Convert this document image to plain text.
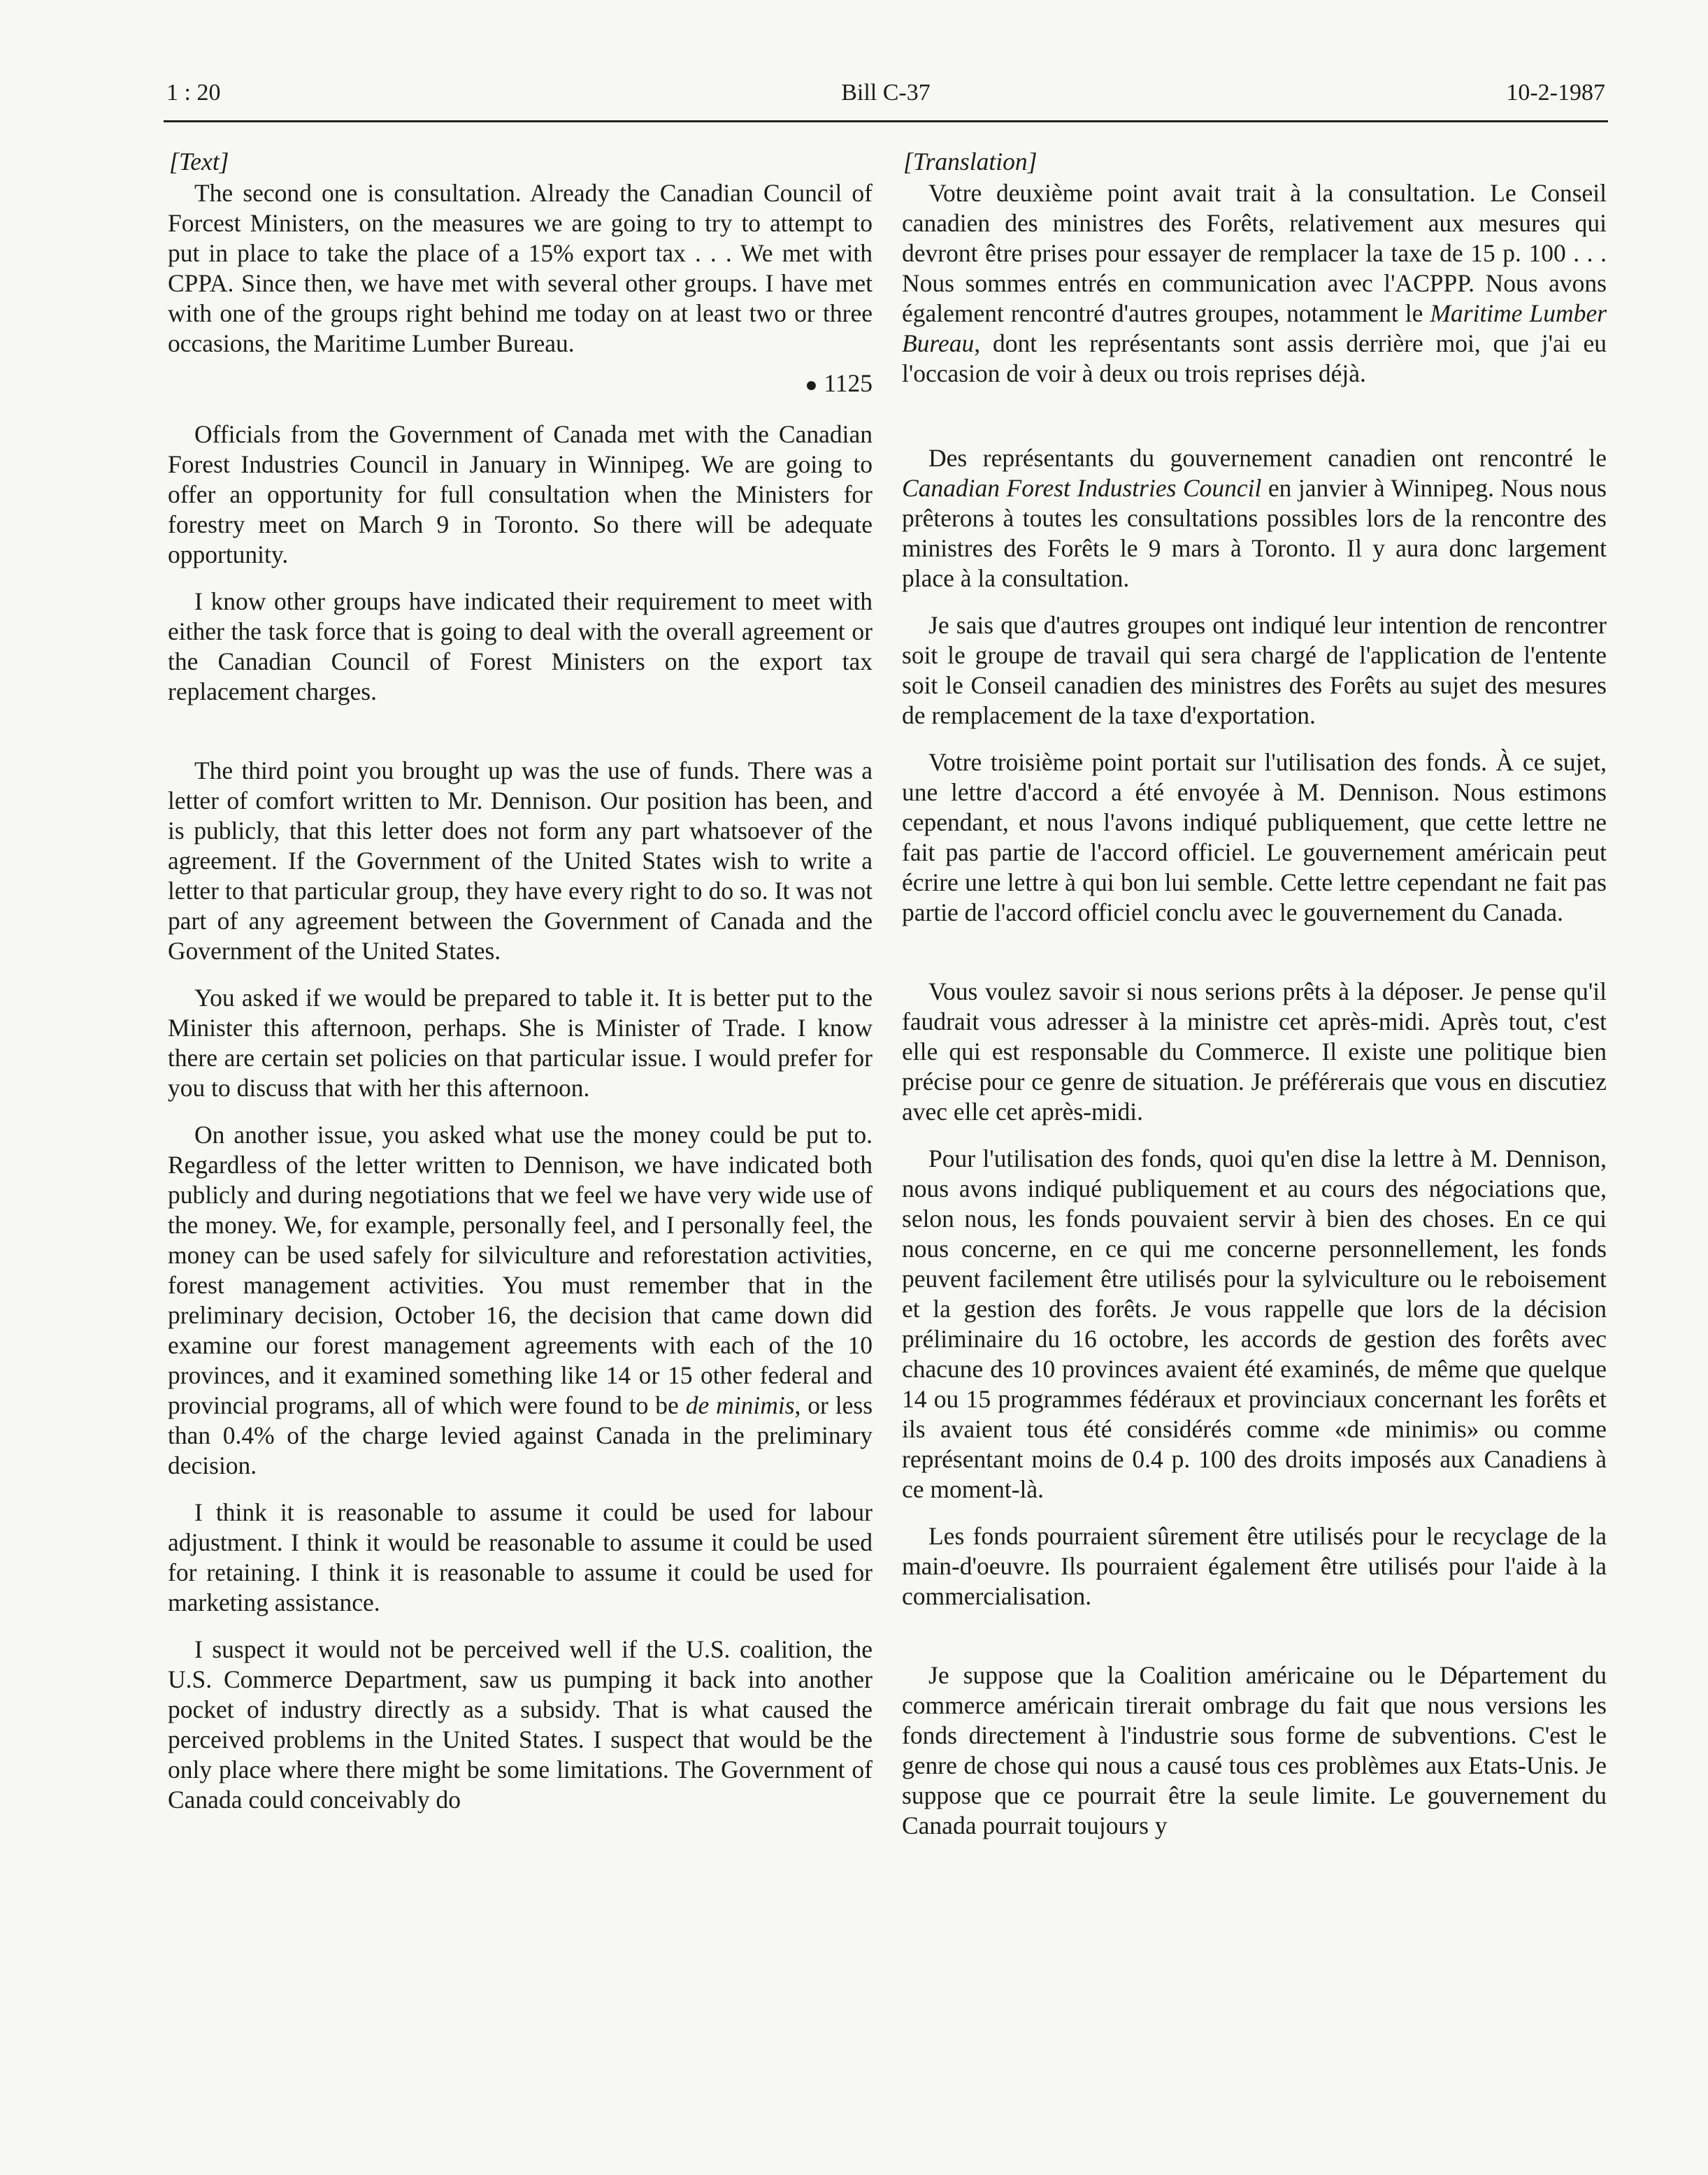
1 : 20	Bill C-37	10-2-1987
[Text]

The second one is consultation. Already the Canadian Council of Forcest Ministers, on the measures we are going to try to attempt to put in place to take the place of a 15% export tax . . . We met with CPPA. Since then, we have met with several other groups. I have met with one of the groups right behind me today on at least two or three occasions, the Maritime Lumber Bureau.

● 1125

Officials from the Government of Canada met with the Canadian Forest Industries Council in January in Winnipeg. We are going to offer an opportunity for full consultation when the Ministers for forestry meet on March 9 in Toronto. So there will be adequate opportunity.

I know other groups have indicated their requirement to meet with either the task force that is going to deal with the overall agreement or the Canadian Council of Forest Ministers on the export tax replacement charges.

The third point you brought up was the use of funds. There was a letter of comfort written to Mr. Dennison. Our position has been, and is publicly, that this letter does not form any part whatsoever of the agreement. If the Government of the United States wish to write a letter to that particular group, they have every right to do so. It was not part of any agreement between the Government of Canada and the Government of the United States.

You asked if we would be prepared to table it. It is better put to the Minister this afternoon, perhaps. She is Minister of Trade. I know there are certain set policies on that particular issue. I would prefer for you to discuss that with her this afternoon.

On another issue, you asked what use the money could be put to. Regardless of the letter written to Dennison, we have indicated both publicly and during negotiations that we feel we have very wide use of the money. We, for example, personally feel, and I personally feel, the money can be used safely for silviculture and reforestation activities, forest management activities. You must remember that in the preliminary decision, October 16, the decision that came down did examine our forest management agreements with each of the 10 provinces, and it examined something like 14 or 15 other federal and provincial programs, all of which were found to be de minimis, or less than 0.4% of the charge levied against Canada in the preliminary decision.

I think it is reasonable to assume it could be used for labour adjustment. I think it would be reasonable to assume it could be used for retaining. I think it is reasonable to assume it could be used for marketing assistance.

I suspect it would not be perceived well if the U.S. coalition, the U.S. Commerce Department, saw us pumping it back into another pocket of industry directly as a subsidy. That is what caused the perceived problems in the United States. I suspect that would be the only place where there might be some limitations. The Government of Canada could conceivably do

[Translation]

Votre deuxième point avait trait à la consultation. Le Conseil canadien des ministres des Forêts, relativement aux mesures qui devront être prises pour essayer de remplacer la taxe de 15 p. 100 . . . Nous sommes entrés en communication avec l'ACPPP. Nous avons également rencontré d'autres groupes, notamment le Maritime Lumber Bureau, dont les représentants sont assis derrière moi, que j'ai eu l'occasion de voir à deux ou trois reprises déjà.

Des représentants du gouvernement canadien ont rencontré le Canadian Forest Industries Council en janvier à Winnipeg. Nous nous prêterons à toutes les consultations possibles lors de la rencontre des ministres des Forêts le 9 mars à Toronto. Il y aura donc largement place à la consultation.

Je sais que d'autres groupes ont indiqué leur intention de rencontrer soit le groupe de travail qui sera chargé de l'application de l'entente soit le Conseil canadien des ministres des Forêts au sujet des mesures de remplacement de la taxe d'exportation.

Votre troisième point portait sur l'utilisation des fonds. À ce sujet, une lettre d'accord a été envoyée à M. Dennison. Nous estimons cependant, et nous l'avons indiqué publiquement, que cette lettre ne fait pas partie de l'accord officiel. Le gouvernement américain peut écrire une lettre à qui bon lui semble. Cette lettre cependant ne fait pas partie de l'accord officiel conclu avec le gouvernement du Canada.

Vous voulez savoir si nous serions prêts à la déposer. Je pense qu'il faudrait vous adresser à la ministre cet après-midi. Après tout, c'est elle qui est responsable du Commerce. Il existe une politique bien précise pour ce genre de situation. Je préférerais que vous en discutiez avec elle cet après-midi.

Pour l'utilisation des fonds, quoi qu'en dise la lettre à M. Dennison, nous avons indiqué publiquement et au cours des négociations que, selon nous, les fonds pouvaient servir à bien des choses. En ce qui nous concerne, en ce qui me concerne personnellement, les fonds peuvent facilement être utilisés pour la sylviculture ou le reboisement et la gestion des forêts. Je vous rappelle que lors de la décision préliminaire du 16 octobre, les accords de gestion des forêts avec chacune des 10 provinces avaient été examinés, de même que quelque 14 ou 15 programmes fédéraux et provinciaux concernant les forêts et ils avaient tous été considérés comme «de minimis» ou comme représentant moins de 0.4 p. 100 des droits imposés aux Canadiens à ce moment-là.

Les fonds pourraient sûrement être utilisés pour le recyclage de la main-d'oeuvre. Ils pourraient également être utilisés pour l'aide à la commercialisation.

Je suppose que la Coalition américaine ou le Département du commerce américain tirerait ombrage du fait que nous versions les fonds directement à l'industrie sous forme de subventions. C'est le genre de chose qui nous a causé tous ces problèmes aux Etats-Unis. Je suppose que ce pourrait être la seule limite. Le gouvernement du Canada pourrait toujours y
